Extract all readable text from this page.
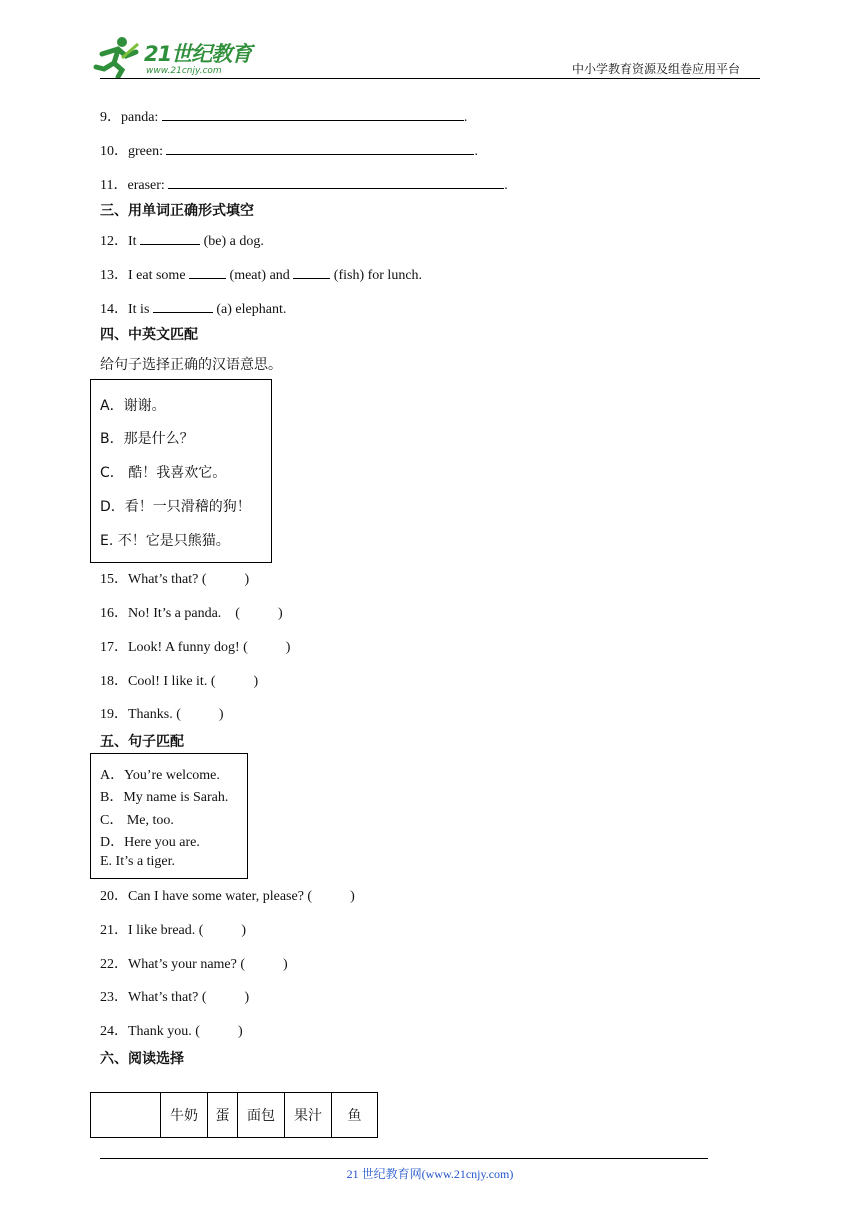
21世纪教育
www.21cnjy.com	中小学教育资源及组卷应用平台
9．panda:	.
10．green:	.
11．eraser:	.
三、用单词正确形式填空
12．It	(be) a dog.
13．I eat some	(meat) and	(fish) for lunch.
14．It is	(a) elephant.
四、中英文匹配
给句子选择正确的汉语意思。
A．谢谢。
B．那是什么？
C． 酷！我喜欢它。
D．看！一只滑稽的狗！
E. 不！它是只熊猫。
15．What’s that? (	)
16．No! It’s a panda.　(	)
17．Look! A funny dog! (	)
18．Cool! I like it. (	)
19．Thanks. (	)
五、句子匹配
A．You’re welcome.
B．My name is Sarah.
C． Me, too.
D．Here you are.
E. It’s a tiger.
20．Can I have some water, please? (	)
21．I like bread. (	)
22．What’s your name? (	)
23．What’s that? (	)
24．Thank you. (	)
六、阅读选择
	牛奶	蛋	面包	果汁	鱼
21 世纪教育网(www.21cnjy.com)
